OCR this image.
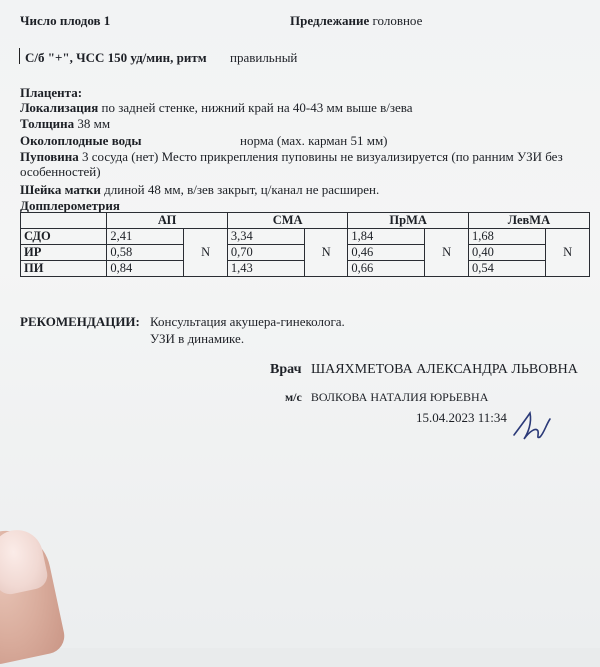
Число плодов 1	Предлежание головное
С/б "+", ЧСС 150 уд/мин, ритм правильный
Плацента:
Локализация по задней стенке, нижний край на 40-43 мм выше в/зева
Толщина 38 мм
Околоплодные воды	норма (мах. карман 51 мм)
Пуповина 3 сосуда (нет) Место прикрепления пуповины не визуализируется (по ранним УЗИ без особенностей)
Шейка матки длиной 48 мм, в/зев закрыт, ц/канал не расширен.
Допплерометрия
	АП		СМА		ПрМА		ЛевМА	
СДО	2,41	N	3,34	N	1,84	N	1,68	N
ИР	0,58		0,70		0,46		0,40	
ПИ	0,84		1,43		0,66		0,54	
РЕКОМЕНДАЦИИ: Консультация акушера-гинеколога.
УЗИ в динамике.
Врач ШАЯХМЕТОВА АЛЕКСАНДРА ЛЬВОВНА
м/с ВОЛКОВА НАТАЛИЯ ЮРЬЕВНА
15.04.2023 11:34
